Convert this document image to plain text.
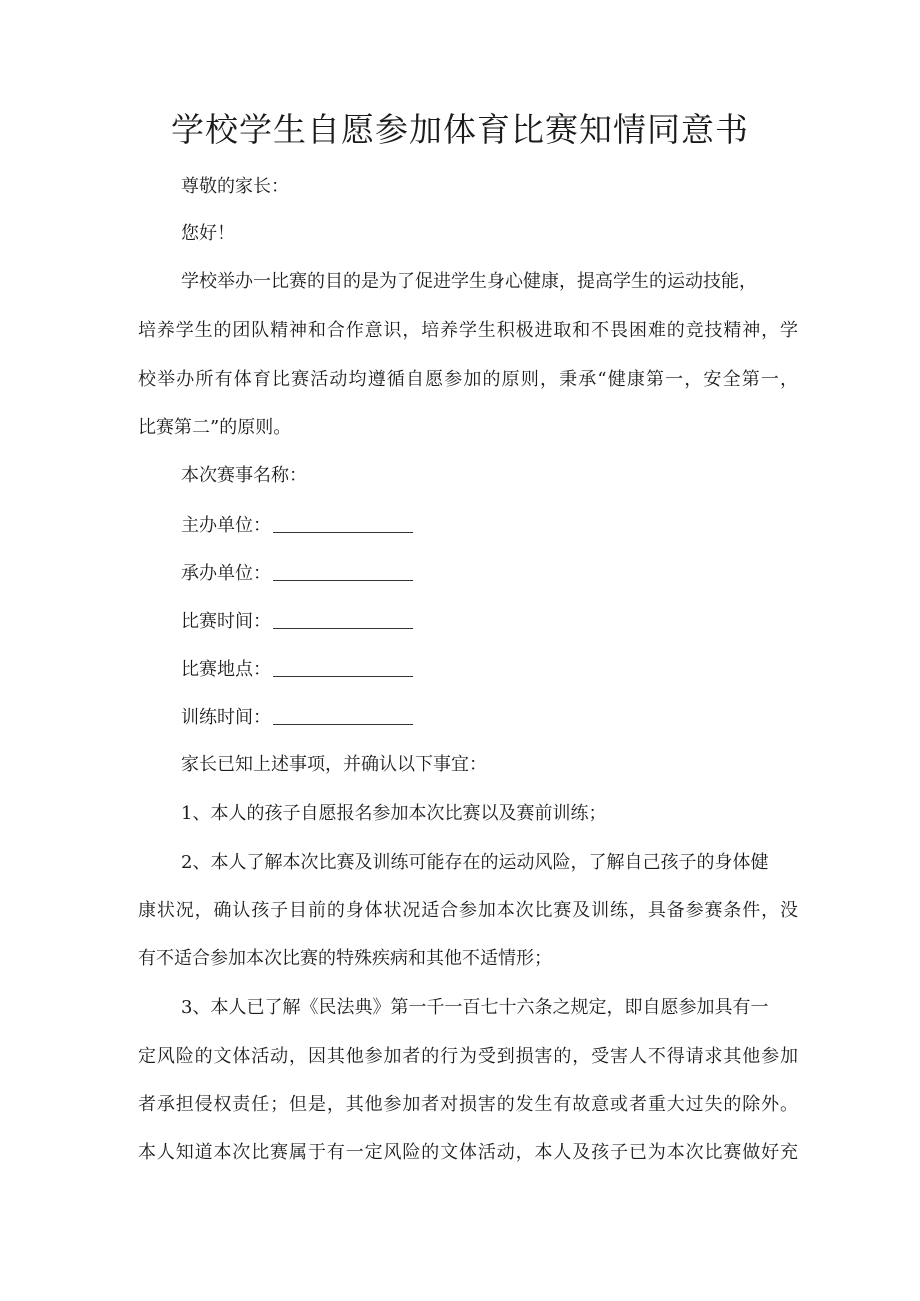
学校学生自愿参加体育比赛知情同意书
尊敬的家长：
您好！
学校举办一比赛的目的是为了促进学生身心健康，提高学生的运动技能，
培养学生的团队精神和合作意识，培养学生积极进取和不畏困难的竞技精神，学
校举办所有体育比赛活动均遵循自愿参加的原则，秉承“健康第一，安全第一，
比赛第二”的原则。
本次赛事名称：
主办单位：
承办单位：
比赛时间：
比赛地点：
训练时间：
家长已知上述事项，并确认以下事宜：
1、本人的孩子自愿报名参加本次比赛以及赛前训练；
2、本人了解本次比赛及训练可能存在的运动风险，了解自己孩子的身体健
康状况，确认孩子目前的身体状况适合参加本次比赛及训练，具备参赛条件，没
有不适合参加本次比赛的特殊疾病和其他不适情形；
3、本人已了解《民法典》第一千一百七十六条之规定，即自愿参加具有一
定风险的文体活动，因其他参加者的行为受到损害的，受害人不得请求其他参加
者承担侵权责任；但是，其他参加者对损害的发生有故意或者重大过失的除外。
本人知道本次比赛属于有一定风险的文体活动，本人及孩子已为本次比赛做好充
